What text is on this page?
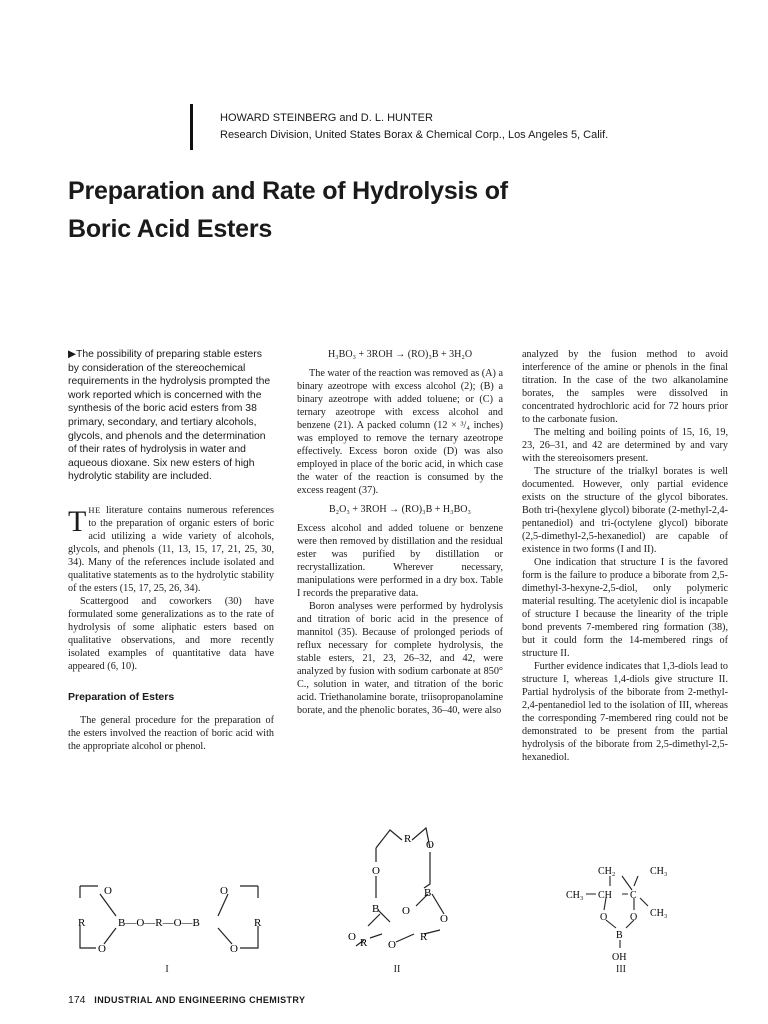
HOWARD STEINBERG and D. L. HUNTER
Research Division, United States Borax & Chemical Corp., Los Angeles 5, Calif.
Preparation and Rate of Hydrolysis of
Boric Acid Esters

▶The possibility of preparing stable esters by consideration of the stereochemical requirements in the hydrolysis prompted the work reported which is concerned with the synthesis of the boric acid esters from 38 primary, secondary, and tertiary alcohols, glycols, and phenols and the determination of their rates of hydrolysis in water and aqueous dioxane. Six new esters of high hydrolytic stability are included.

THE literature contains numerous references to the preparation of organic esters of boric acid utilizing a wide variety of alcohols, glycols, and phenols (11, 13, 15, 17, 21, 25, 30, 34). Many of the references include isolated and qualitative statements as to the hydrolytic stability of the esters (15, 17, 25, 26, 34).

Scattergood and coworkers (30) have formulated some generalizations as to the rate of hydrolysis of some aliphatic esters based on qualitative observations, and more recently isolated examples of quantitative data have appeared (6, 10).

Preparation of Esters

The general procedure for the preparation of the esters involved the reaction of boric acid with the appropriate alcohol or phenol.

H₃BO₃ + 3ROH → (RO)₃B + 3H₂O

The water of the reaction was removed as (A) a binary azeotrope with excess alcohol (2); (B) a binary azeotrope with added toluene; or (C) a ternary azeotrope with excess alcohol and benzene (21). A packed column (12 × ³/₄ inches) was employed to remove the ternary azeotrope effectively. Excess boron oxide (D) was also employed in place of the boric acid, in which case the water of the reaction is consumed by the excess reagent (37).

B₂O₃ + 3ROH → (RO)₃B + H₃BO₃

Excess alcohol and added toluene or benzene were then removed by distillation and the residual ester was purified by distillation or recrystallization. Wherever necessary, manipulations were performed in a dry box. Table I records the preparative data.

Boron analyses were performed by hydrolysis and titration of boric acid in the presence of mannitol (35). Because of prolonged periods of reflux necessary for complete hydrolysis, the stable esters, 21, 23, 26–32, and 42, were analyzed by fusion with sodium carbonate at 850° C., solution in water, and titration of the boric acid. Triethanolamine borate, triisopropanolamine borate, and the phenolic borates, 36–40, were also

analyzed by the fusion method to avoid interference of the amine or phenols in the final titration. In the case of the two alkanolamine borates, the samples were dissolved in concentrated hydrochloric acid for 72 hours prior to the carbonate fusion.

The melting and boiling points of 15, 16, 19, 23, 26–31, and 42 are determined by and vary with the stereoisomers present.

The structure of the trialkyl borates is well documented. However, only partial evidence exists on the structure of the glycol biborates. Both tri-(hexylene glycol) biborate (2-methyl-2,4-pentanediol) and tri-(octylene glycol) biborate (2,5-dimethyl-2,5-hexanediol) are capable of existence in two forms (I and II).

One indication that structure I is the favored form is the failure to produce a biborate from 2,5-dimethyl-3-hexyne-2,5-diol, only polymeric material resulting. The acetylenic diol is incapable of structure I because the linearity of the triple bond prevents 7-membered ring formation (38), but it could form the 14-membered rings of structure II.

Further evidence indicates that 1,3-diols lead to structure I, whereas 1,4-diols give structure II. Partial hydrolysis of the biborate from 2-methyl-2,4-pentanediol led to the isolation of III, whereas the corresponding 7-membered ring could not be demonstrated to be present from the partial hydrolysis of the biborate from 2,5-dimethyl-2,5-hexanediol.

O
R	B—O—R—O—B
O
O
R
O
I
R O
O
B
B O
O
O R O
R
II
CH₂	CH₃
CH₃ CH C
O O CH₃
B
OH
III
174 INDUSTRIAL AND ENGINEERING CHEMISTRY
